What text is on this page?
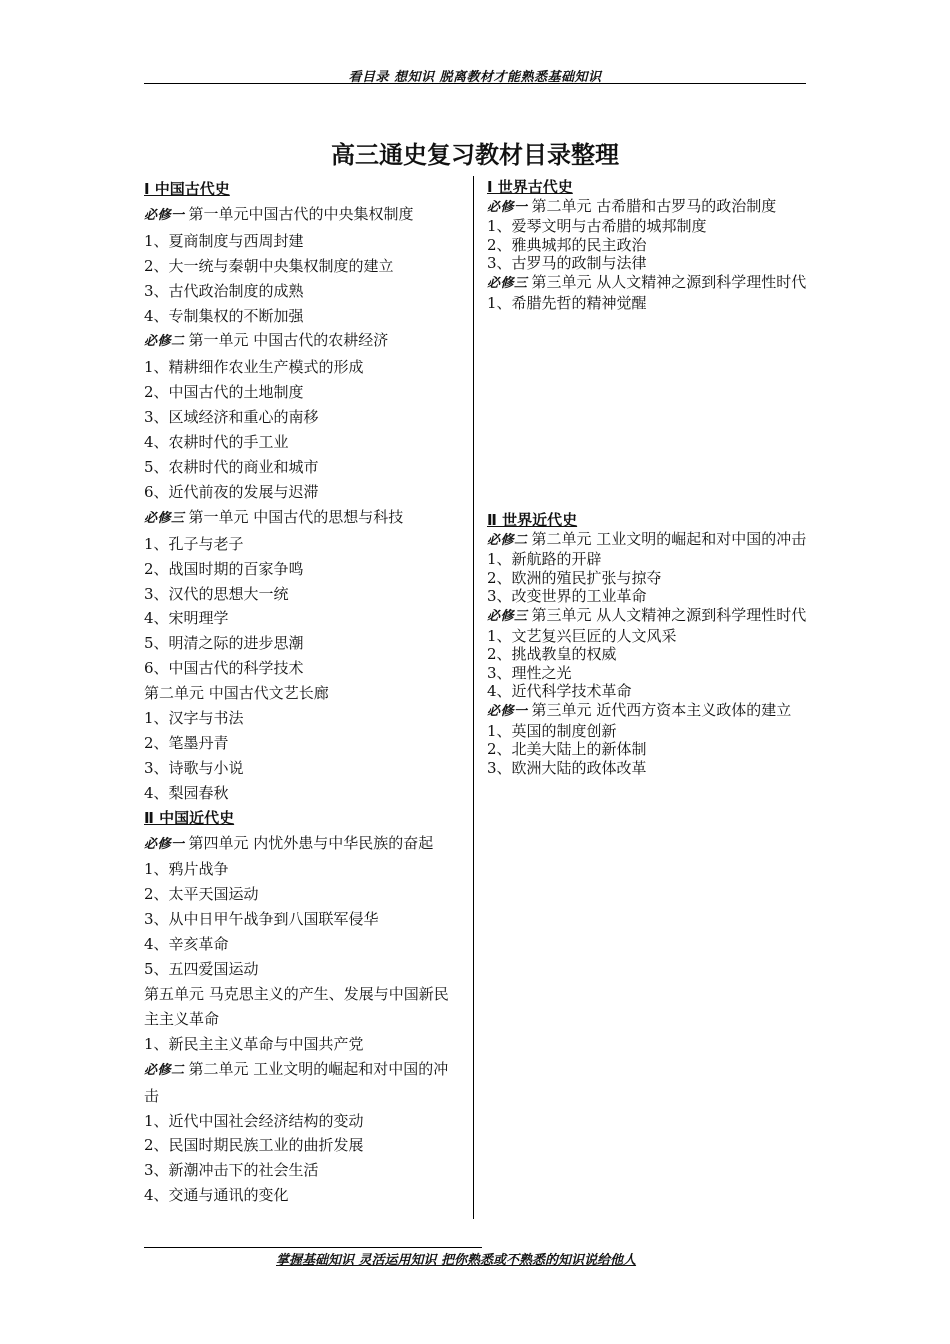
看目录 想知识 脱离教材才能熟悉基础知识
高三通史复习教材目录整理
Ⅰ 中国古代史
必修一 第一单元中国古代的中央集权制度
1、夏商制度与西周封建
2、大一统与秦朝中央集权制度的建立
3、古代政治制度的成熟
4、专制集权的不断加强
必修二 第一单元 中国古代的农耕经济
1、精耕细作农业生产模式的形成
2、中国古代的土地制度
3、区域经济和重心的南移
4、农耕时代的手工业
5、农耕时代的商业和城市
6、近代前夜的发展与迟滞
必修三 第一单元 中国古代的思想与科技
1、孔子与老子
2、战国时期的百家争鸣
3、汉代的思想大一统
4、宋明理学
5、明清之际的进步思潮
6、中国古代的科学技术
第二单元 中国古代文艺长廊
1、汉字与书法
2、笔墨丹青
3、诗歌与小说
4、梨园春秋
Ⅱ 中国近代史
必修一 第四单元 内忧外患与中华民族的奋起
1、鸦片战争
2、太平天国运动
3、从中日甲午战争到八国联军侵华
4、辛亥革命
5、五四爱国运动
第五单元 马克思主义的产生、发展与中国新民主主义革命
1、新民主主义革命与中国共产党
必修二 第二单元 工业文明的崛起和对中国的冲击
1、近代中国社会经济结构的变动
2、民国时期民族工业的曲折发展
3、新潮冲击下的社会生活
4、交通与通讯的变化
Ⅰ 世界古代史
必修一 第二单元 古希腊和古罗马的政治制度
1、爱琴文明与古希腊的城邦制度
2、雅典城邦的民主政治
3、古罗马的政制与法律
必修三 第三单元 从人文精神之源到科学理性时代
1、希腊先哲的精神觉醒
Ⅱ 世界近代史
必修二 第二单元 工业文明的崛起和对中国的冲击
1、新航路的开辟
2、欧洲的殖民扩张与掠夺
3、改变世界的工业革命
必修三 第三单元 从人文精神之源到科学理性时代
1、文艺复兴巨匠的人文风采
2、挑战教皇的权威
3、理性之光
4、近代科学技术革命
必修一 第三单元 近代西方资本主义政体的建立
1、英国的制度创新
2、北美大陆上的新体制
3、欧洲大陆的政体改革
掌握基础知识 灵活运用知识 把你熟悉或不熟悉的知识说给他人
